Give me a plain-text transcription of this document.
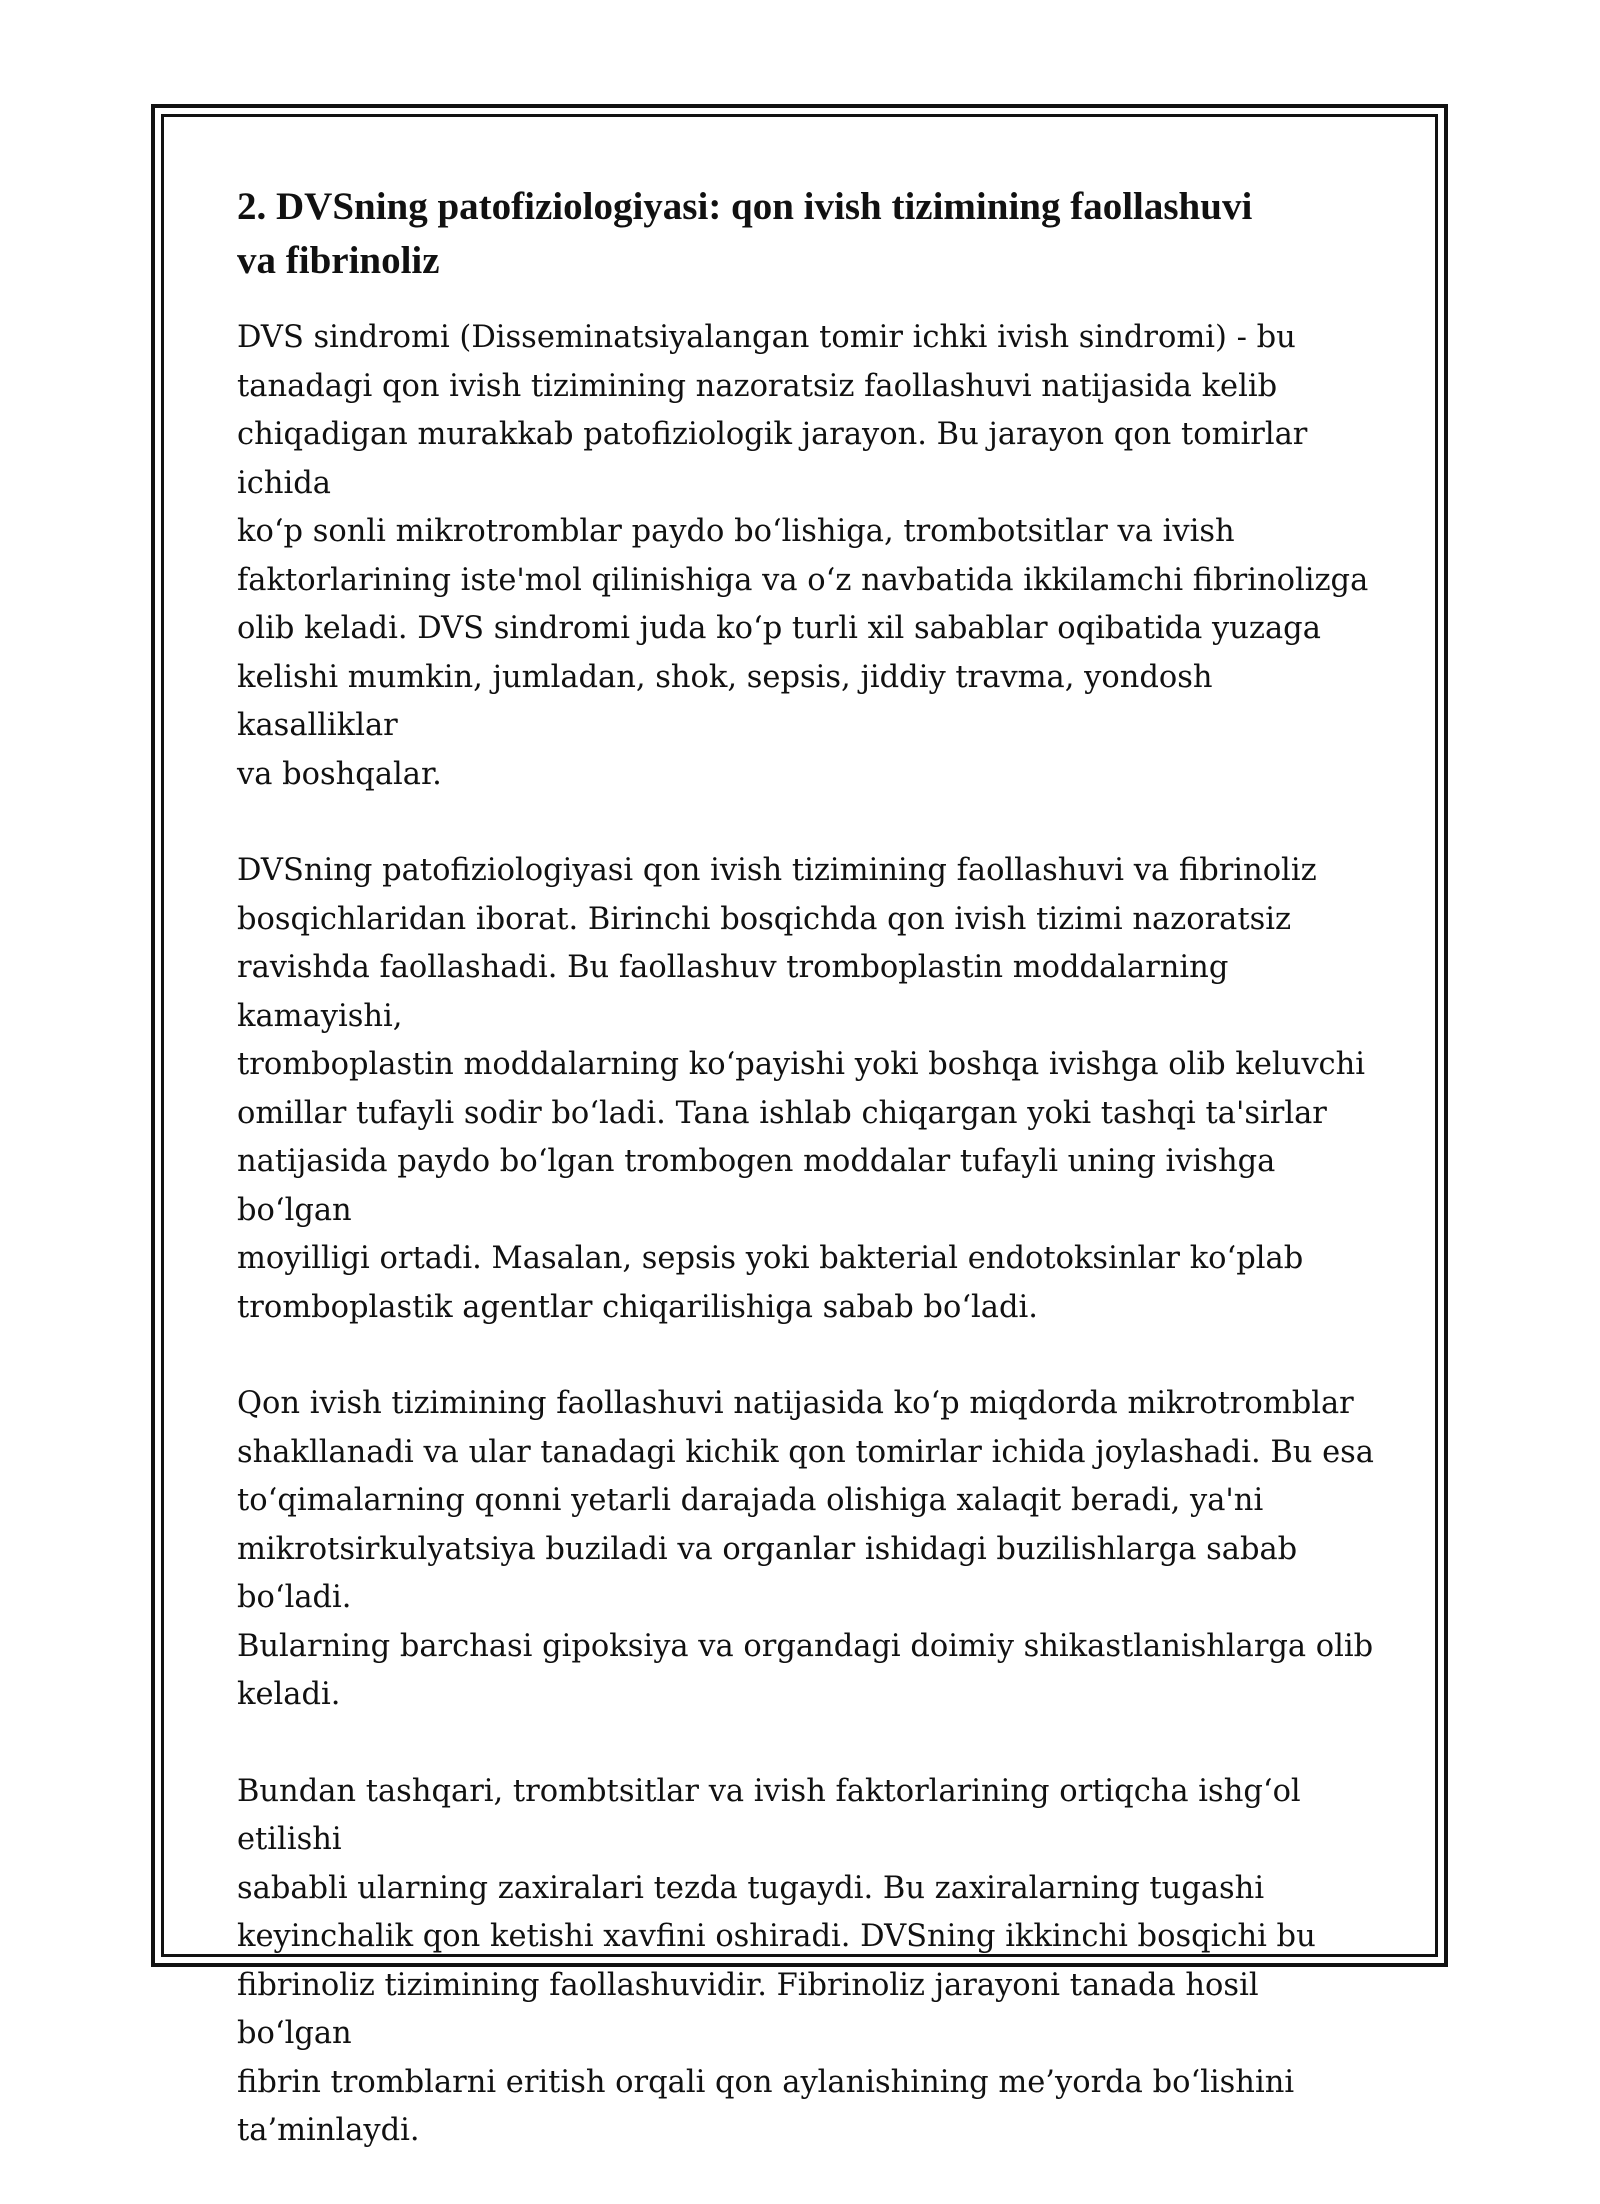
2. DVSning patofiziologiyasi: qon ivish tizimining faollashuvi
va fibrinoliz

DVS sindromi (Disseminatsiyalangan tomir ichki ivish sindromi) - bu
tanadagi qon ivish tizimining nazoratsiz faollashuvi natijasida kelib
chiqadigan murakkab patofiziologik jarayon. Bu jarayon qon tomirlar ichida
ko‘p sonli mikrotromblar paydo bo‘lishiga, trombotsitlar va ivish
faktorlarining iste'mol qilinishiga va o‘z navbatida ikkilamchi fibrinolizga
olib keladi. DVS sindromi juda ko‘p turli xil sabablar oqibatida yuzaga
kelishi mumkin, jumladan, shok, sepsis, jiddiy travma, yondosh kasalliklar
va boshqalar.

DVSning patofiziologiyasi qon ivish tizimining faollashuvi va fibrinoliz
bosqichlaridan iborat. Birinchi bosqichda qon ivish tizimi nazoratsiz
ravishda faollashadi. Bu faollashuv tromboplastin moddalarning kamayishi,
tromboplastin moddalarning ko‘payishi yoki boshqa ivishga olib keluvchi
omillar tufayli sodir bo‘ladi. Tana ishlab chiqargan yoki tashqi ta'sirlar
natijasida paydo bo‘lgan trombogen moddalar tufayli uning ivishga bo‘lgan
moyilligi ortadi. Masalan, sepsis yoki bakterial endotoksinlar ko‘plab
tromboplastik agentlar chiqarilishiga sabab bo‘ladi.

Qon ivish tizimining faollashuvi natijasida ko‘p miqdorda mikrotromblar
shakllanadi va ular tanadagi kichik qon tomirlar ichida joylashadi. Bu esa
to‘qimalarning qonni yetarli darajada olishiga xalaqit beradi, ya'ni
mikrotsirkulyatsiya buziladi va organlar ishidagi buzilishlarga sabab bo‘ladi.
Bularning barchasi gipoksiya va organdagi doimiy shikastlanishlarga olib
keladi.

Bundan tashqari, trombtsitlar va ivish faktorlarining ortiqcha ishg‘ol etilishi
sababli ularning zaxiralari tezda tugaydi. Bu zaxiralarning tugashi
keyinchalik qon ketishi xavfini oshiradi. DVSning ikkinchi bosqichi bu
fibrinoliz tizimining faollashuvidir. Fibrinoliz jarayoni tanada hosil bo‘lgan
fibrin tromblarni eritish orqali qon aylanishining me’yorda bo‘lishini
ta’minlaydi.
